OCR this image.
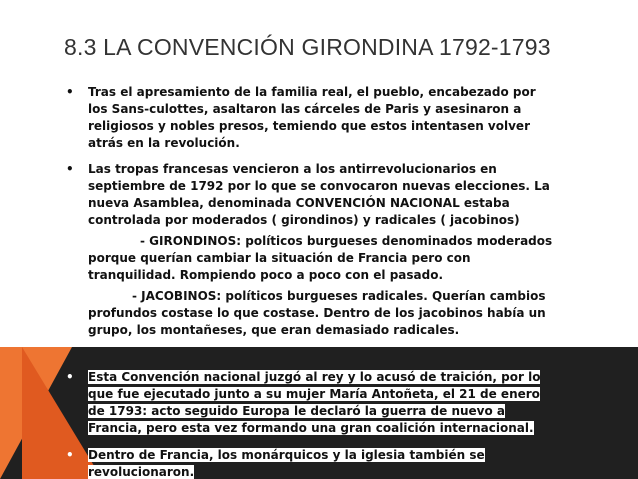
8.3 LA CONVENCIÓN GIRONDINA 1792-1793
• Tras el apresamiento de la familia real, el pueblo, encabezado por
los Sans-culottes, asaltaron las cárceles de Paris y asesinaron a
religiosos y nobles presos, temiendo que estos intentasen volver
atrás en la revolución.
• Las tropas francesas vencieron a los antirrevolucionarios en
septiembre de 1792 por lo que se convocaron nuevas elecciones. La
nueva Asamblea, denominada CONVENCIÓN NACIONAL estaba
controlada por moderados ( girondinos) y radicales ( jacobinos)
- GIRONDINOS: políticos burgueses denominados moderados
porque querían cambiar la situación de Francia pero con
tranquilidad. Rompiendo poco a poco con el pasado.
- JACOBINOS: políticos burgueses radicales. Querían cambios
profundos costase lo que costase. Dentro de los jacobinos había un
grupo, los montañeses, que eran demasiado radicales.
• Esta Convención nacional juzgó al rey y lo acusó de traición, por lo
que fue ejecutado junto a su mujer María Antoñeta, el 21 de enero
de 1793: acto seguido Europa le declaró la guerra de nuevo a
Francia, pero esta vez formando una gran coalición internacional.
• Dentro de Francia, los monárquicos y la iglesia también se
revolucionaron.
